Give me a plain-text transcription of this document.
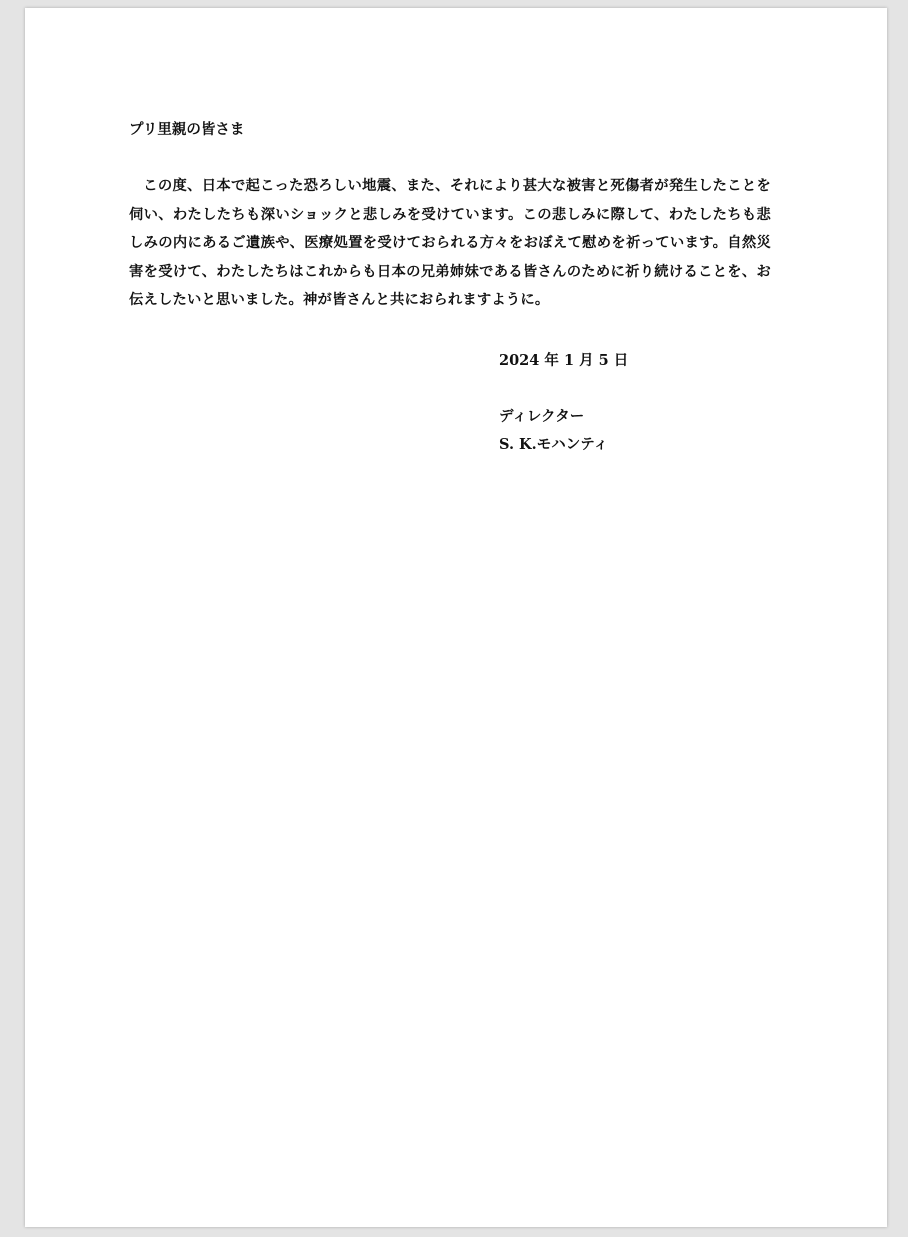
プリ里親の皆さま

この度、日本で起こった恐ろしい地震、また、それにより甚大な被害と死傷者が発生したことを伺い、わたしたちも深いショックと悲しみを受けています。この悲しみに際して、わたしたちも悲しみの内にあるご遺族や、医療処置を受けておられる方々をおぼえて慰めを祈っています。自然災害を受けて、わたしたちはこれからも日本の兄弟姉妹である皆さんのために祈り続けることを、お伝えしたいと思いました。神が皆さんと共におられますように。

2024 年 1 月 5 日

ディレクター

S. K.モハンティ
